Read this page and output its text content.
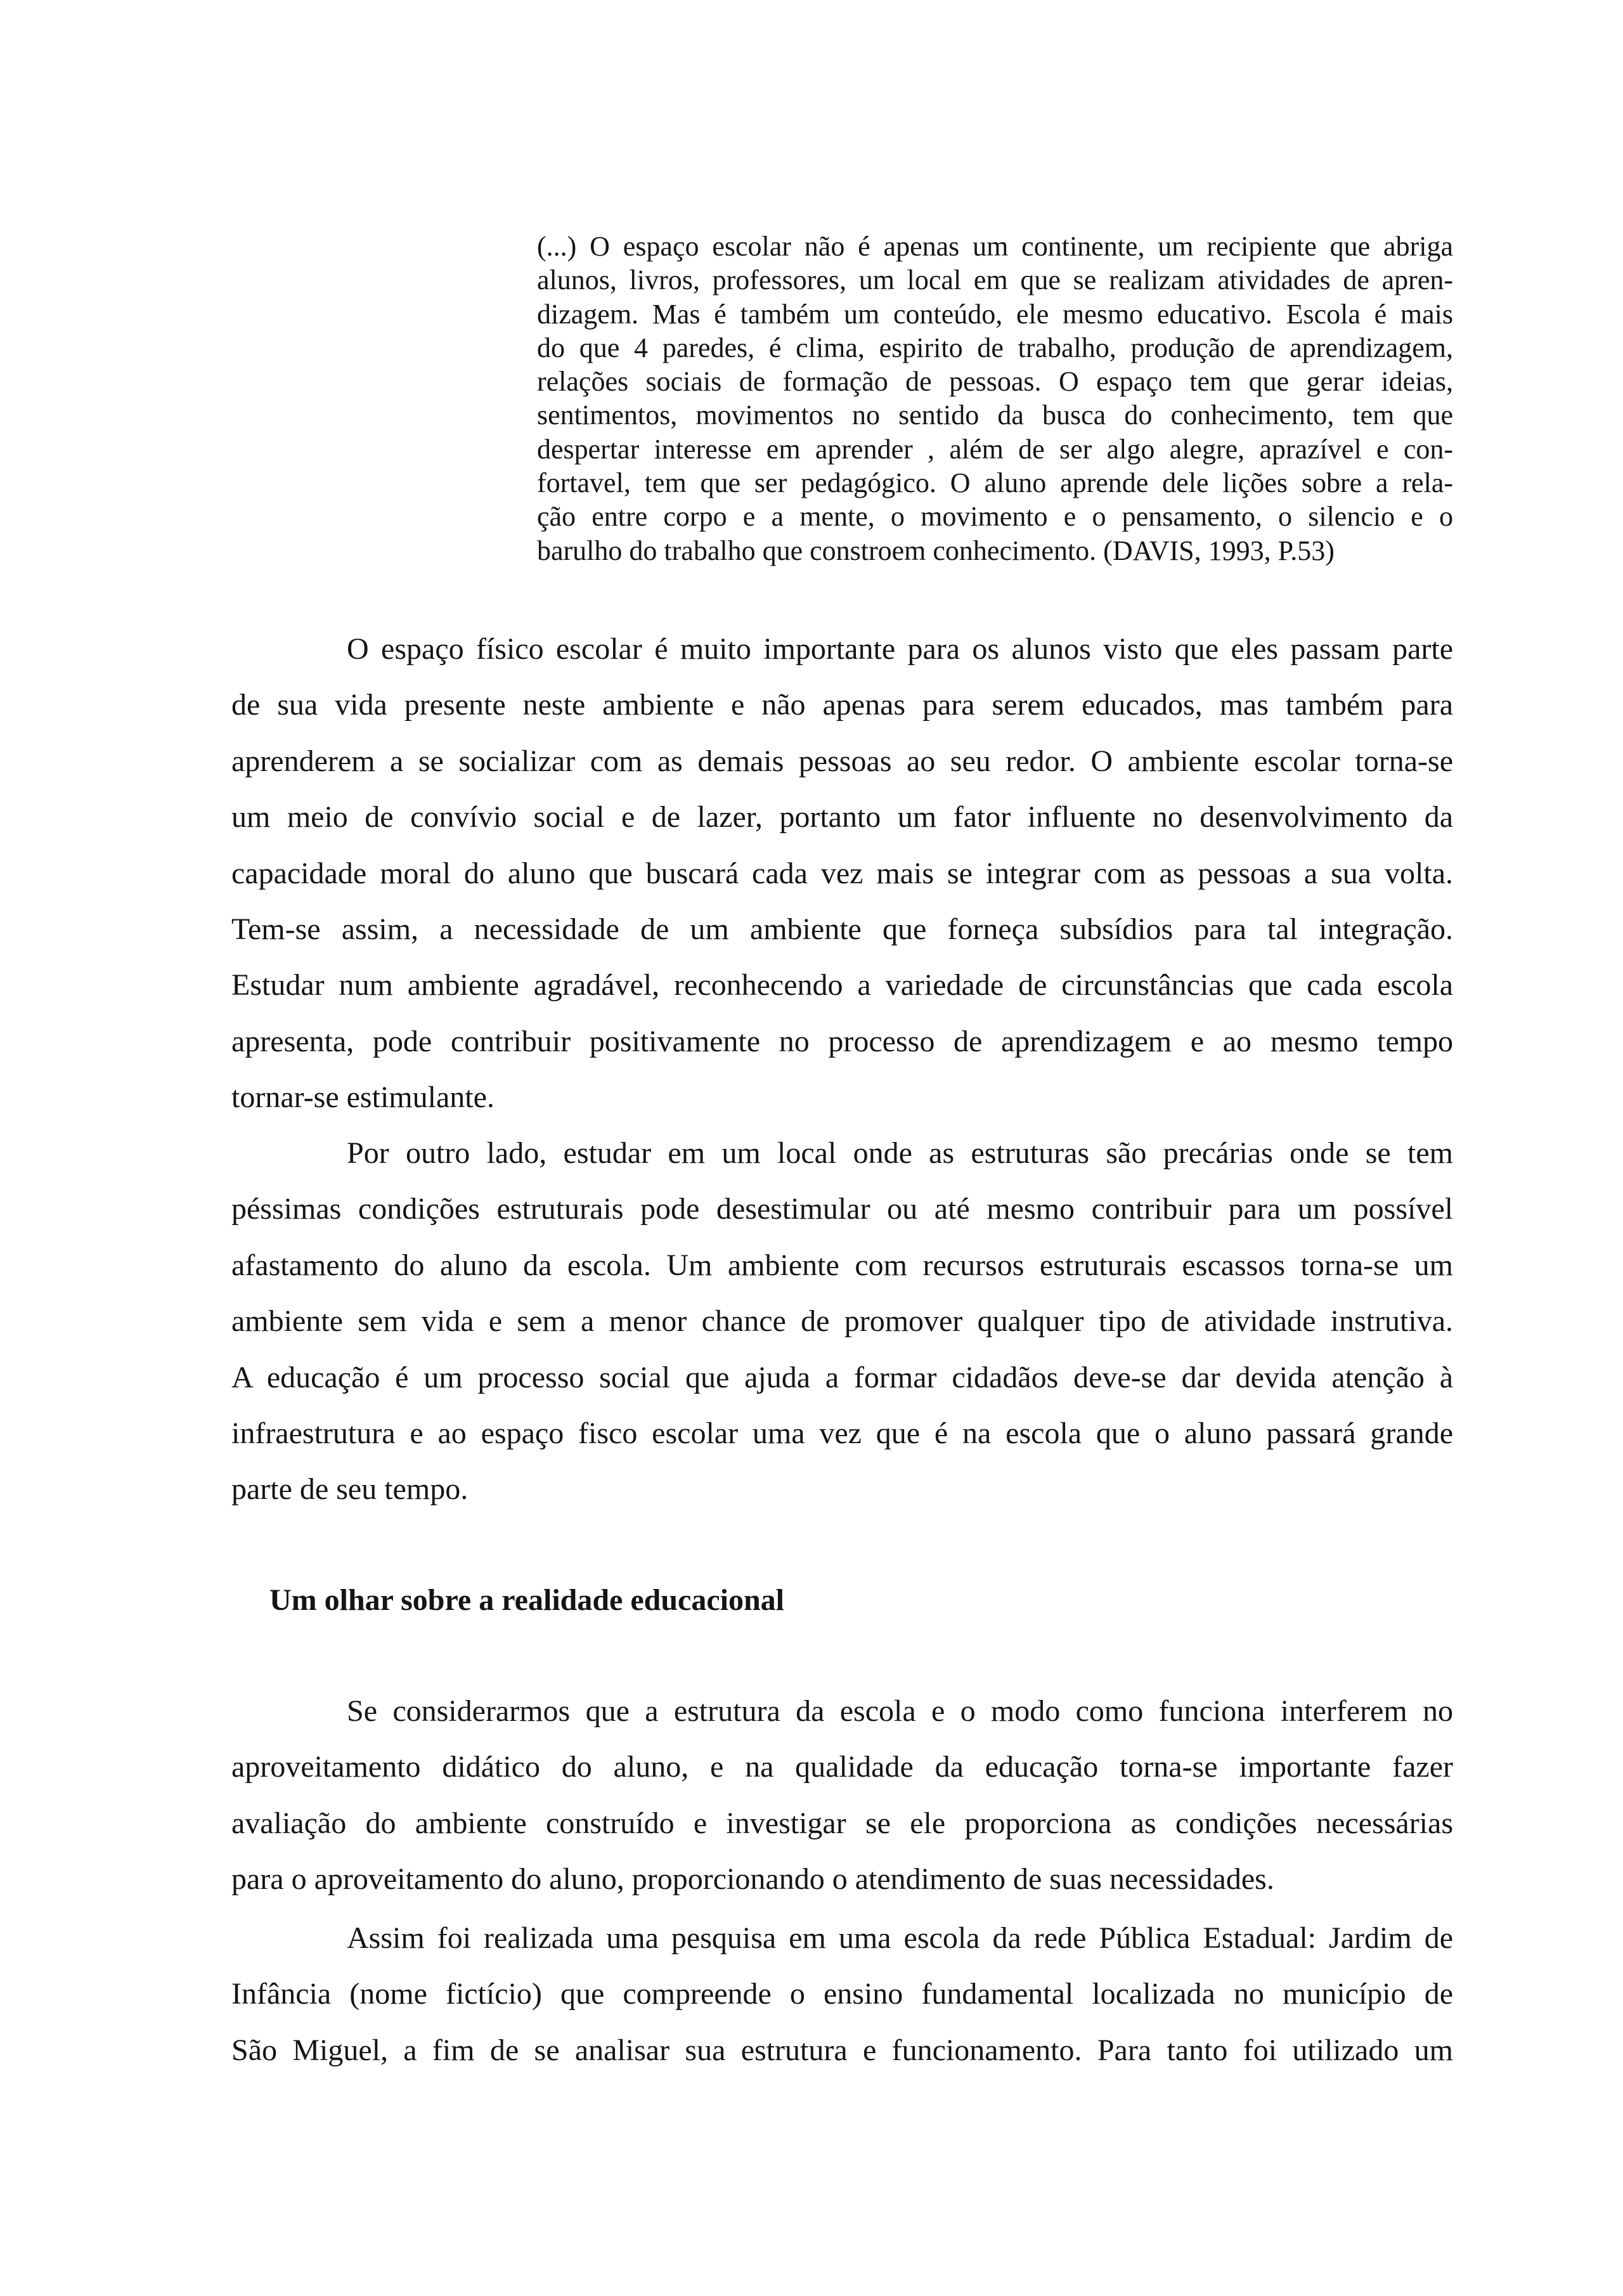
(...) O espaço escolar não é apenas um continente, um recipiente que abriga
alunos, livros, professores, um local em que se realizam atividades de apren-
dizagem. Mas é também um conteúdo, ele mesmo educativo. Escola é mais
do que 4 paredes, é clima, espirito de trabalho, produção de aprendizagem,
relações sociais de formação de pessoas. O espaço tem que gerar ideias,
sentimentos, movimentos no sentido da busca do conhecimento, tem que
despertar interesse em aprender , além de ser algo alegre, aprazível e con-
fortavel, tem que ser pedagógico. O aluno aprende dele lições sobre a rela-
ção entre corpo e a mente, o movimento e o pensamento, o silencio e o
barulho do trabalho que constroem conhecimento. (DAVIS, 1993, P.53)
O espaço físico escolar é muito importante para os alunos visto que eles passam parte
de sua vida presente neste ambiente e não apenas para serem educados, mas também para
aprenderem a se socializar com as demais pessoas ao seu redor. O ambiente escolar torna-se
um meio de convívio social e de lazer, portanto um fator influente no desenvolvimento da
capacidade moral do aluno que buscará cada vez mais se integrar com as pessoas a sua volta.
Tem-se assim, a necessidade de um ambiente que forneça subsídios para tal integração.
Estudar num ambiente agradável, reconhecendo a variedade de circunstâncias que cada escola
apresenta, pode contribuir positivamente no processo de aprendizagem e ao mesmo tempo
tornar-se estimulante.
Por outro lado, estudar em um local onde as estruturas são precárias onde se tem
péssimas condições estruturais pode desestimular ou até mesmo contribuir para um possível
afastamento do aluno da escola. Um ambiente com recursos estruturais escassos torna-se um
ambiente sem vida e sem a menor chance de promover qualquer tipo de atividade instrutiva.
A educação é um processo social que ajuda a formar cidadãos deve-se dar devida atenção à
infraestrutura e ao espaço fisco escolar uma vez que é na escola que o aluno passará grande
parte de seu tempo.
Um olhar sobre a realidade educacional
Se considerarmos que a estrutura da escola e o modo como funciona interferem no
aproveitamento didático do aluno, e na qualidade da educação torna-se importante fazer
avaliação do ambiente construído e investigar se ele proporciona as condições necessárias
para o aproveitamento do aluno, proporcionando o atendimento de suas necessidades.
Assim foi realizada uma pesquisa em uma escola da rede Pública Estadual: Jardim de
Infância (nome fictício) que compreende o ensino fundamental localizada no município de
São Miguel, a fim de se analisar sua estrutura e funcionamento. Para tanto foi utilizado um
